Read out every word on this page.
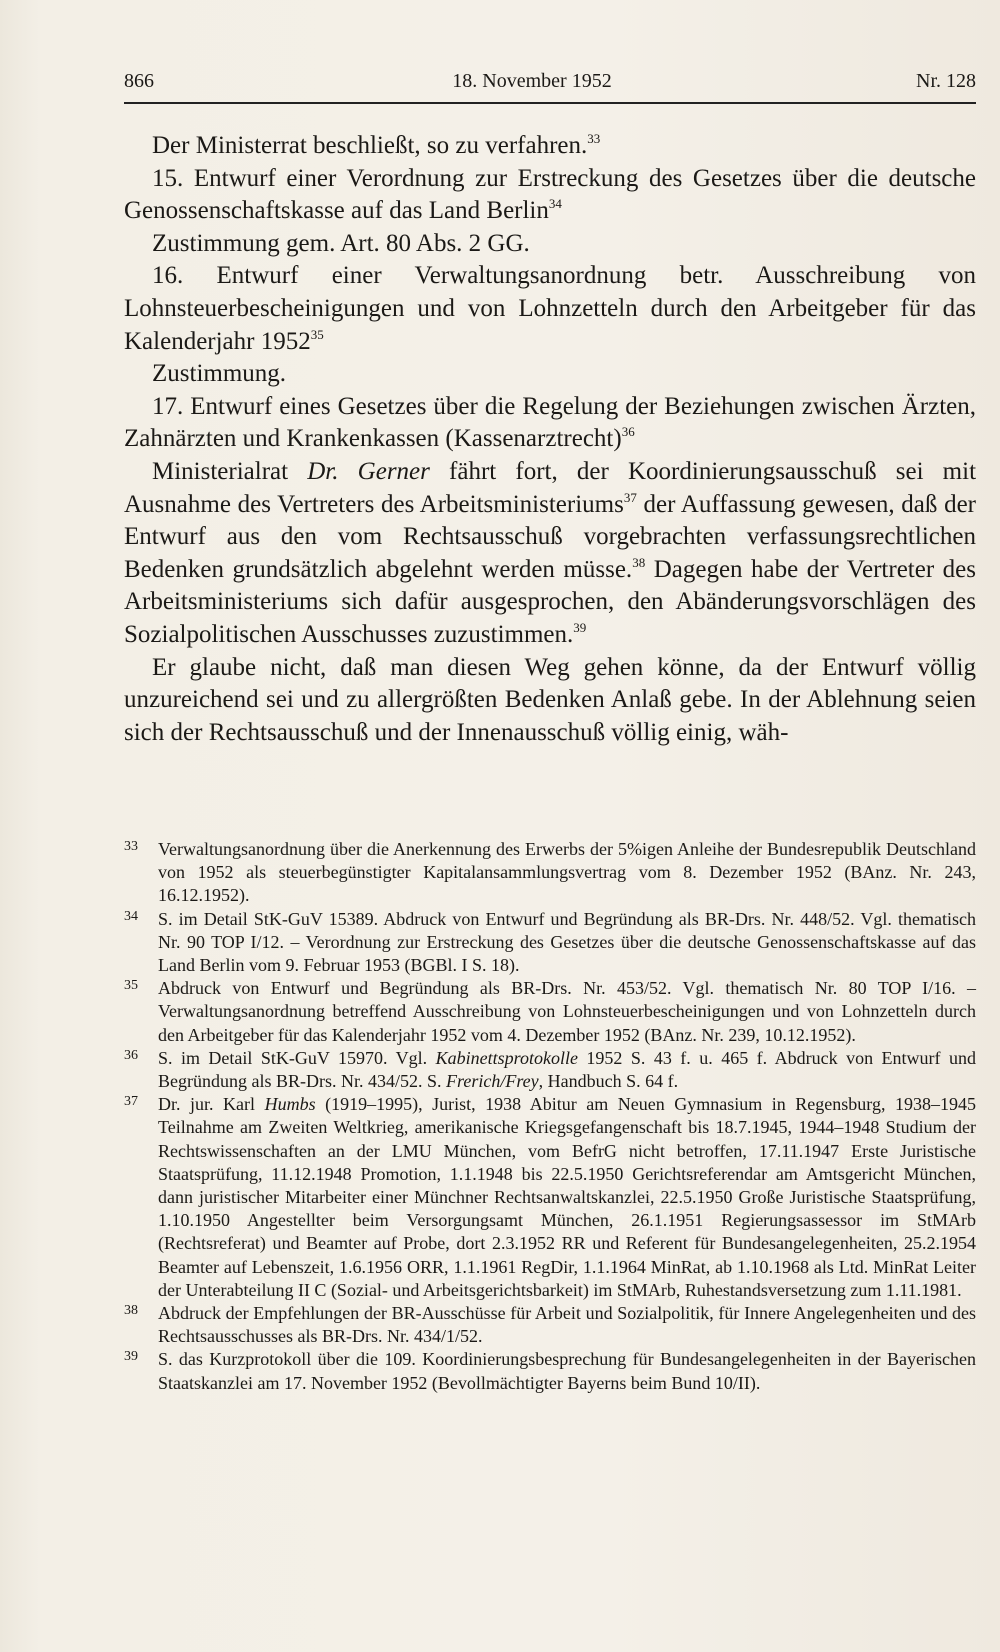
866	18. November 1952	Nr. 128

Der Ministerrat beschließt, so zu verfahren.$^{33}$

15. Entwurf einer Verordnung zur Erstreckung des Gesetzes über die deutsche Genossenschaftskasse auf das Land Berlin$^{34}$

Zustimmung gem. Art. 80 Abs. 2 GG.

16. Entwurf einer Verwaltungsanordnung betr. Ausschreibung von Lohnsteuerbescheinigungen und von Lohnzetteln durch den Arbeitgeber für das Kalenderjahr 1952$^{35}$

Zustimmung.

17. Entwurf eines Gesetzes über die Regelung der Beziehungen zwischen Ärzten, Zahnärzten und Krankenkassen (Kassenarztrecht)$^{36}$

Ministerialrat Dr. Gerner fährt fort, der Koordinierungsausschuß sei mit Ausnahme des Vertreters des Arbeitsministeriums$^{37}$ der Auffassung gewesen, daß der Entwurf aus den vom Rechtsausschuß vorgebrachten verfassungsrechtlichen Bedenken grundsätzlich abgelehnt werden müsse.$^{38}$ Dagegen habe der Vertreter des Arbeitsministeriums sich dafür ausgesprochen, den Abänderungsvorschlägen des Sozialpolitischen Ausschusses zuzustimmen.$^{39}$

Er glaube nicht, daß man diesen Weg gehen könne, da der Entwurf völlig unzureichend sei und zu allergrößten Bedenken Anlaß gebe. In der Ablehnung seien sich der Rechtsausschuß und der Innenausschuß völlig einig, wäh-

33 Verwaltungsanordnung über die Anerkennung des Erwerbs der 5%igen Anleihe der Bundesrepublik Deutschland von 1952 als steuerbegünstigter Kapitalansammlungsvertrag vom 8. Dezember 1952 (BAnz. Nr. 243, 16.12.1952).
34 S. im Detail StK-GuV 15389. Abdruck von Entwurf und Begründung als BR-Drs. Nr. 448/52. Vgl. thematisch Nr. 90 TOP I/12. – Verordnung zur Erstreckung des Gesetzes über die deutsche Genossenschaftskasse auf das Land Berlin vom 9. Februar 1953 (BGBl. I S. 18).
35 Abdruck von Entwurf und Begründung als BR-Drs. Nr. 453/52. Vgl. thematisch Nr. 80 TOP I/16. – Verwaltungsanordnung betreffend Ausschreibung von Lohnsteuerbescheinigungen und von Lohnzetteln durch den Arbeitgeber für das Kalenderjahr 1952 vom 4. Dezember 1952 (BAnz. Nr. 239, 10.12.1952).
36 S. im Detail StK-GuV 15970. Vgl. Kabinettsprotokolle 1952 S. 43 f. u. 465 f. Abdruck von Entwurf und Begründung als BR-Drs. Nr. 434/52. S. Frerich/Frey, Handbuch S. 64 f.
37 Dr. jur. Karl Humbs (1919–1995), Jurist, 1938 Abitur am Neuen Gymnasium in Regensburg, 1938–1945 Teilnahme am Zweiten Weltkrieg, amerikanische Kriegsgefangenschaft bis 18.7.1945, 1944–1948 Studium der Rechtswissenschaften an der LMU München, vom BefrG nicht betroffen, 17.11.1947 Erste Juristische Staatsprüfung, 11.12.1948 Promotion, 1.1.1948 bis 22.5.1950 Gerichtsreferendar am Amtsgericht München, dann juristischer Mitarbeiter einer Münchner Rechtsanwaltskanzlei, 22.5.1950 Große Juristische Staatsprüfung, 1.10.1950 Angestellter beim Versorgungsamt München, 26.1.1951 Regierungsassessor im StMArb (Rechtsreferat) und Beamter auf Probe, dort 2.3.1952 RR und Referent für Bundesangelegenheiten, 25.2.1954 Beamter auf Lebenszeit, 1.6.1956 ORR, 1.1.1961 RegDir, 1.1.1964 MinRat, ab 1.10.1968 als Ltd. MinRat Leiter der Unterabteilung II C (Sozial- und Arbeitsgerichtsbarkeit) im StMArb, Ruhestandsversetzung zum 1.11.1981.
38 Abdruck der Empfehlungen der BR-Ausschüsse für Arbeit und Sozialpolitik, für Innere Angelegenheiten und des Rechtsausschusses als BR-Drs. Nr. 434/1/52.
39 S. das Kurzprotokoll über die 109. Koordinierungsbesprechung für Bundesangelegenheiten in der Bayerischen Staatskanzlei am 17. November 1952 (Bevollmächtigter Bayerns beim Bund 10/II).
